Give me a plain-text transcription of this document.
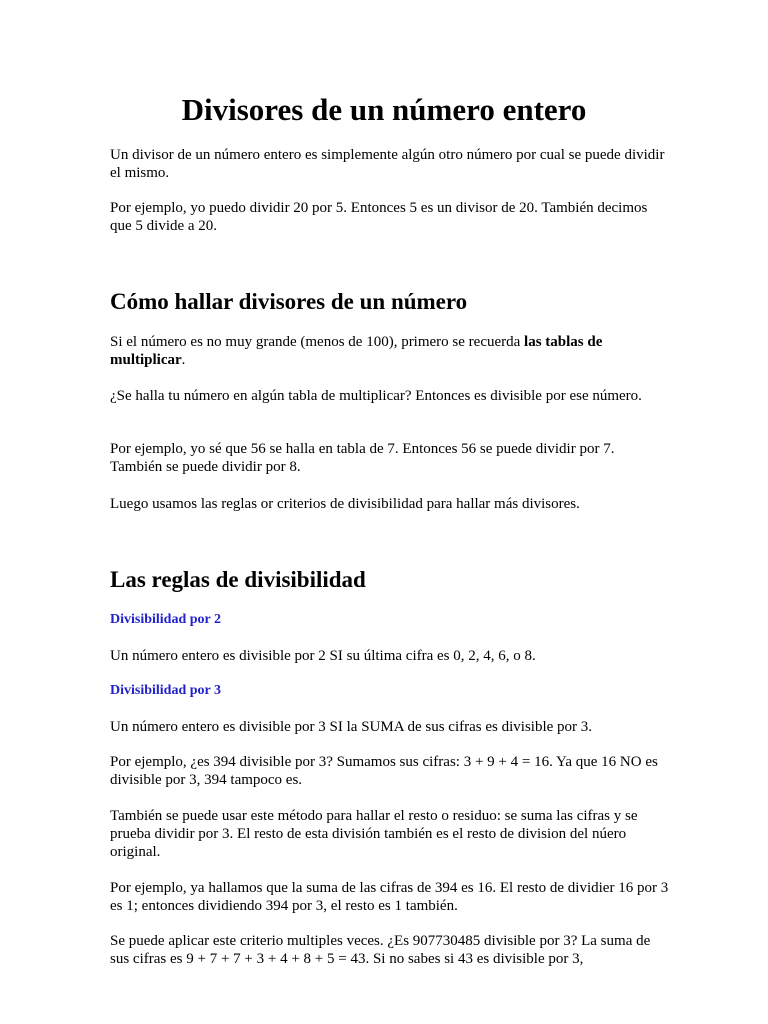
Divisores de un número entero

Un divisor de un número entero es simplemente algún otro número por cual se puede dividir el mismo.

Por ejemplo, yo puedo dividir 20 por 5. Entonces 5 es un divisor de 20. También decimos que 5 divide a 20.

Cómo hallar divisores de un número

Si el número es no muy grande (menos de 100), primero se recuerda las tablas de multiplicar.

¿Se halla tu número en algún tabla de multiplicar? Entonces es divisible por ese número.

Por ejemplo, yo sé que 56 se halla en tabla de 7. Entonces 56 se puede dividir por 7. También se puede dividir por 8.

Luego usamos las reglas or criterios de divisibilidad para hallar más divisores.

Las reglas de divisibilidad
Divisibilidad por 2

Un número entero es divisible por 2 SI su última cifra es 0, 2, 4, 6, o 8.

Divisibilidad por 3

Un número entero es divisible por 3 SI la SUMA de sus cifras es divisible por 3.

Por ejemplo, ¿es 394 divisible por 3? Sumamos sus cifras: 3 + 9 + 4 = 16. Ya que 16 NO es divisible por 3, 394 tampoco es.

También se puede usar este método para hallar el resto o residuo: se suma las cifras y se prueba dividir por 3. El resto de esta división también es el resto de division del núero original.

Por ejemplo, ya hallamos que la suma de las cifras de 394 es 16. El resto de dividier 16 por 3 es 1; entonces dividiendo 394 por 3, el resto es 1 también.

Se puede aplicar este criterio multiples veces. ¿Es 907730485 divisible por 3? La suma de sus cifras es 9 + 7 + 7 + 3 + 4 + 8 + 5 = 43. Si no sabes si 43 es divisible por 3,
